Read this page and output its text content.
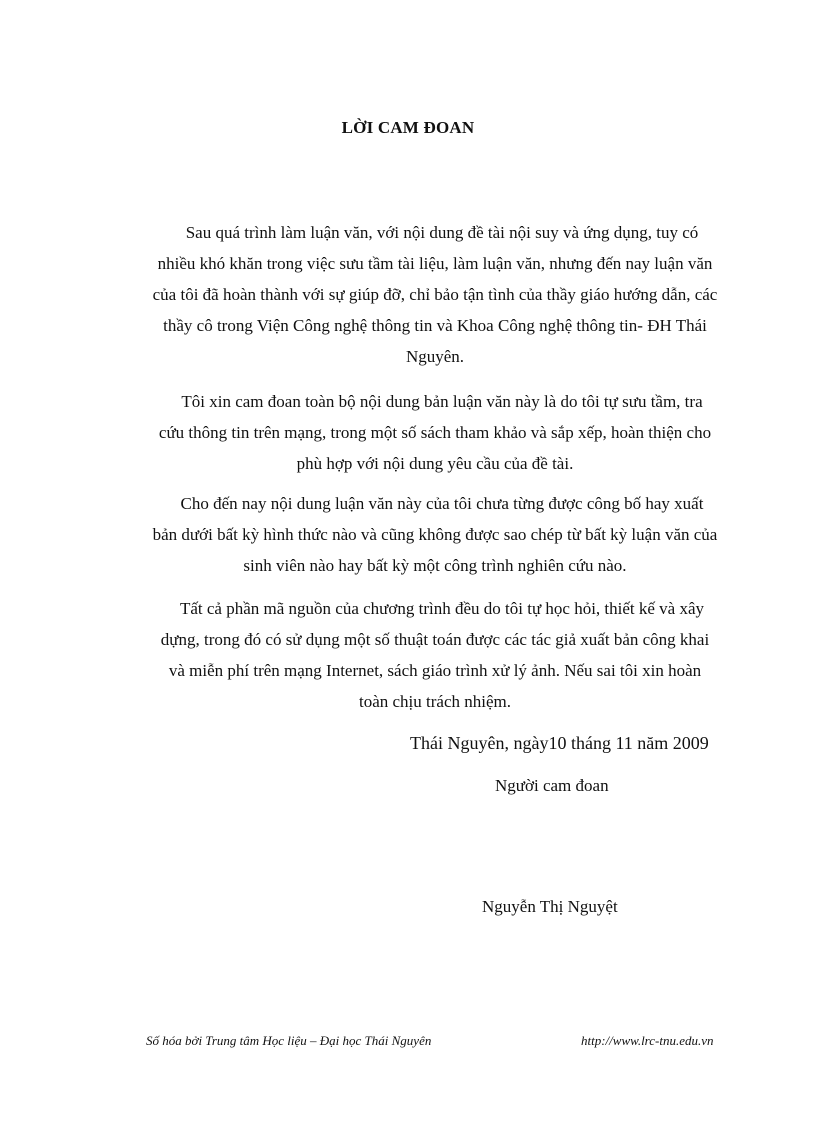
LỜI CAM ĐOAN
Sau quá trình làm luận văn, với nội dung đề tài nội suy và ứng dụng, tuy có
nhiều khó khăn trong việc sưu tầm tài liệu, làm luận văn, nhưng đến nay luận văn
của tôi đã hoàn thành với sự giúp đỡ, chỉ bảo tận tình của thầy giáo hướng dẫn, các
thầy cô trong Viện Công nghệ thông tin và Khoa Công nghệ thông tin- ĐH Thái
Nguyên.
Tôi xin cam đoan toàn bộ nội dung bản luận văn này là do tôi tự sưu tầm, tra
cứu thông tin trên mạng, trong một số sách tham khảo và sắp xếp, hoàn thiện cho
phù hợp với nội dung yêu cầu của đề tài.
Cho đến nay nội dung luận văn này của tôi chưa từng được công bố hay xuất
bản dưới bất kỳ hình thức nào và cũng không được sao chép từ bất kỳ luận văn của
sinh viên nào hay bất kỳ một công trình nghiên cứu nào.
Tất cả phần mã nguồn của chương trình đều do tôi tự học hỏi, thiết kế và xây
dựng, trong đó có sử dụng một số thuật toán được các tác giả xuất bản công khai
và miễn phí trên mạng Internet, sách giáo trình xử lý ảnh. Nếu sai tôi xin hoàn
toàn chịu trách nhiệm.
Thái Nguyên, ngày10 tháng 11 năm 2009
Người cam đoan
Nguyễn Thị Nguyệt
Số hóa bởi Trung tâm Học liệu – Đại học Thái Nguyên	http://www.lrc-tnu.edu.vn
